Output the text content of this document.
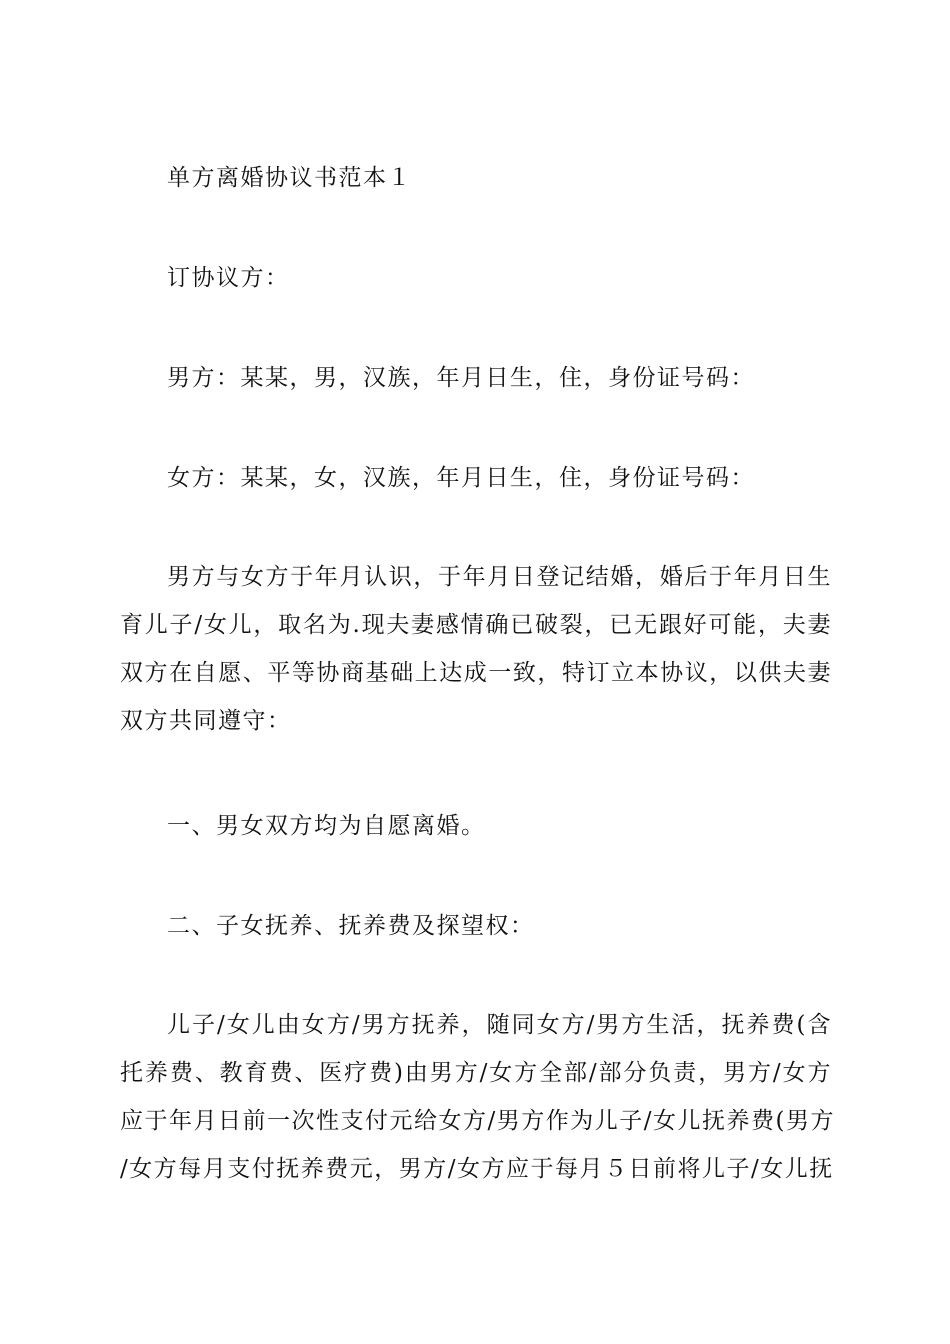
单方离婚协议书范本１
订协议方：
男方：某某，男，汉族，年月日生，住，身份证号码：
女方：某某，女，汉族，年月日生，住，身份证号码：
男方与女方于年月认识，于年月日登记结婚，婚后于年月日生
育儿子/女儿，取名为.现夫妻感情确已破裂，已无跟好可能，夫妻
双方在自愿、平等协商基础上达成一致，特订立本协议，以供夫妻
双方共同遵守：
一、男女双方均为自愿离婚。
二、子女抚养、抚养费及探望权：
儿子/女儿由女方/男方抚养，随同女方/男方生活，抚养费(含
托养费、教育费、医疗费)由男方/女方全部/部分负责，男方/女方
应于年月日前一次性支付元给女方/男方作为儿子/女儿抚养费(男方
/女方每月支付抚养费元，男方/女方应于每月５日前将儿子/女儿抚
